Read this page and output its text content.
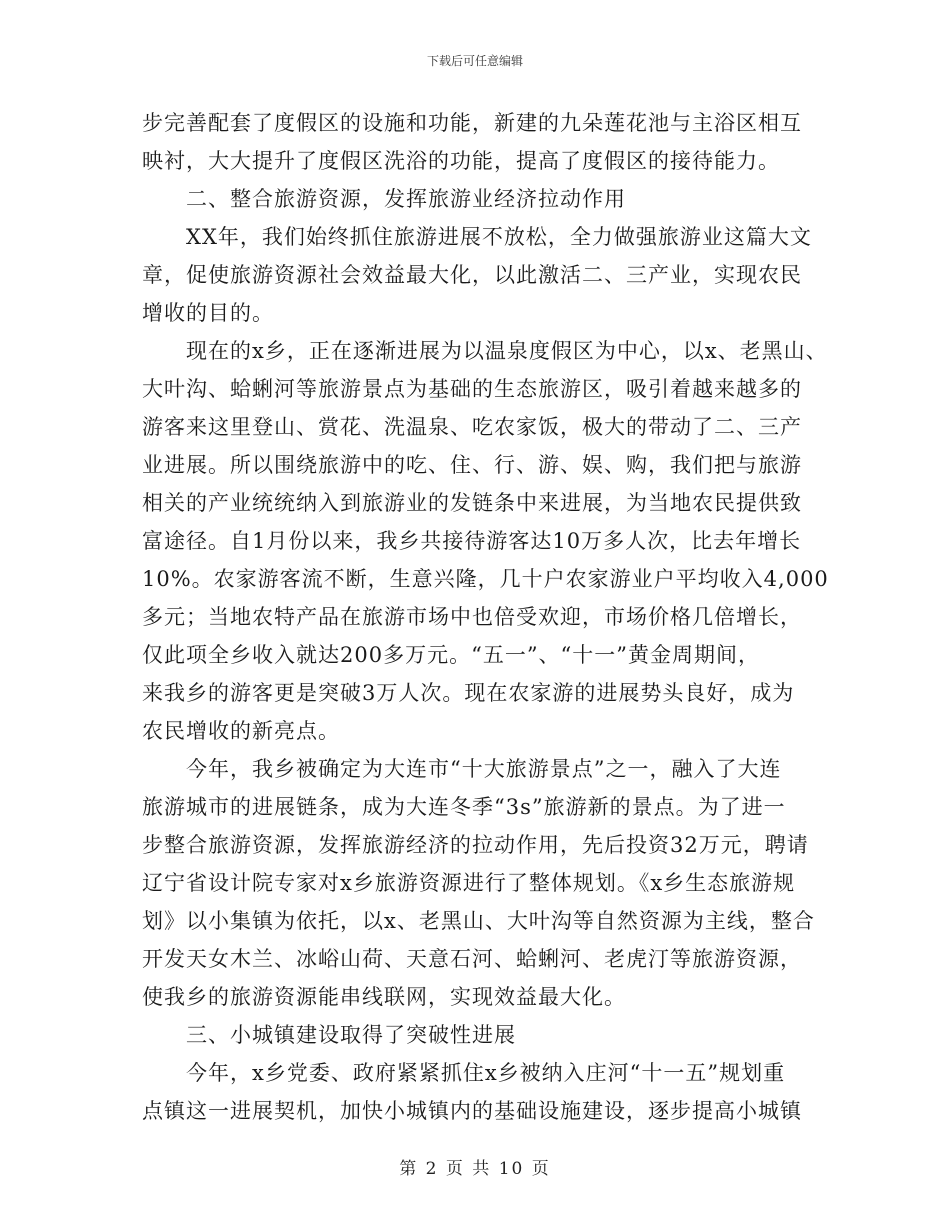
下载后可任意编辑
步完善配套了度假区的设施和功能，新建的九朵莲花池与主浴区相互
映衬，大大提升了度假区洗浴的功能，提高了度假区的接待能力。
　　二、整合旅游资源，发挥旅游业经济拉动作用
　　XX年，我们始终抓住旅游进展不放松，全力做强旅游业这篇大文
章，促使旅游资源社会效益最大化，以此激活二、三产业，实现农民
增收的目的。
　　现在的x乡，正在逐渐进展为以温泉度假区为中心，以x、老黑山、
大叶沟、蛤蜊河等旅游景点为基础的生态旅游区，吸引着越来越多的
游客来这里登山、赏花、洗温泉、吃农家饭，极大的带动了二、三产
业进展。所以围绕旅游中的吃、住、行、游、娱、购，我们把与旅游
相关的产业统统纳入到旅游业的发链条中来进展，为当地农民提供致
富途径。自1月份以来，我乡共接待游客达10万多人次，比去年增长
10%。农家游客流不断，生意兴隆，几十户农家游业户平均收入4,000
多元；当地农特产品在旅游市场中也倍受欢迎，市场价格几倍增长，
仅此项全乡收入就达200多万元。“五一”、“十一”黄金周期间，
来我乡的游客更是突破3万人次。现在农家游的进展势头良好，成为
农民增收的新亮点。
　　今年，我乡被确定为大连市“十大旅游景点”之一，融入了大连
旅游城市的进展链条，成为大连冬季“3s”旅游新的景点。为了进一
步整合旅游资源，发挥旅游经济的拉动作用，先后投资32万元，聘请
辽宁省设计院专家对x乡旅游资源进行了整体规划。《x乡生态旅游规
划》以小集镇为依托，以x、老黑山、大叶沟等自然资源为主线，整合
开发天女木兰、冰峪山荷、天意石河、蛤蜊河、老虎汀等旅游资源，
使我乡的旅游资源能串线联网，实现效益最大化。
　　三、小城镇建设取得了突破性进展
　　今年，x乡党委、政府紧紧抓住x乡被纳入庄河“十一五”规划重
点镇这一进展契机，加快小城镇内的基础设施建设，逐步提高小城镇
第 2 页 共 10 页
